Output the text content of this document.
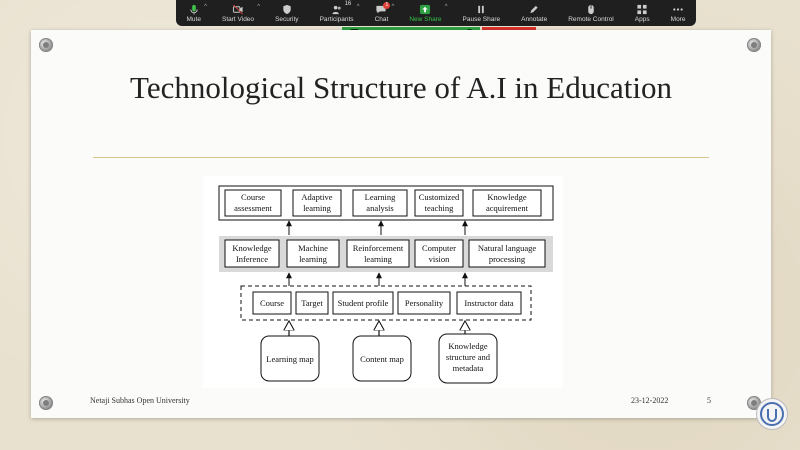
Mute
^
Start Video
^
Security
16
Participants
^	1
Chat
^
New Share
^
Pause Share	Annotate	Remote Control	Apps	More
Technological Structure of A.I in Education
Course
assessment
Adaptive
learning
Learning
analysis
Customized
teaching
Knowledge
acquirement
Knowledge
Inference
Machine
learning
Reinforcement
learning
Computer
vision
Natural language
processing
Course Target Student profile Personality Instructor data
Learning map	Content map
Knowledge
structure and
metadata
Netaji Subhas Open University	23-12-2022	5
